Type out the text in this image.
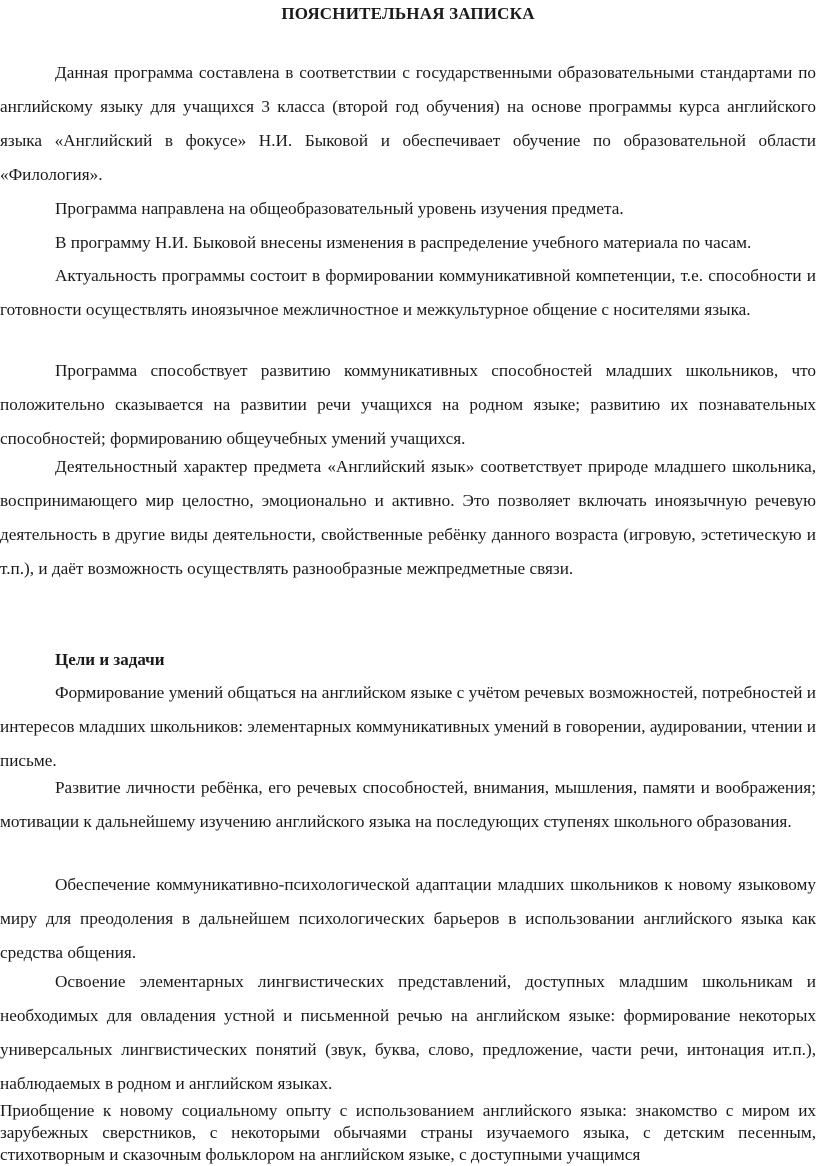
ПОЯСНИТЕЛЬНАЯ ЗАПИСКА

Данная программа составлена в соответствии с государственными образовательными стандартами по английскому языку для учащихся 3 класса (второй год обучения) на основе программы курса английского языка «Английский в фокусе» Н.И. Быковой и обеспечивает обучение по образовательной области «Филология».

Программа направлена на общеобразовательный уровень изучения предмета.

В программу Н.И. Быковой внесены изменения в распределение учебного материала по часам.

Актуальность программы состоит в формировании коммуникативной компетенции, т.е. способности и готовности осуществлять иноязычное межличностное и межкультурное общение с носителями языка.

Программа способствует развитию коммуникативных способностей младших школьников, что положительно сказывается на развитии речи учащихся на родном языке; развитию их познавательных способностей; формированию общеучебных умений учащихся.

Деятельностный характер предмета «Английский язык» соответствует природе младшего школьника, воспринимающего мир целостно, эмоционально и активно. Это позволяет включать иноязычную речевую деятельность в другие виды деятельности, свойственные ребёнку данного возраста (игровую, эстетическую и т.п.), и даёт возможность осуществлять разнообразные межпредметные связи.

Цели и задачи

Формирование умений общаться на английском языке с учётом речевых возможностей, потребностей и интересов младших школьников: элементарных коммуникативных умений в говорении, аудировании, чтении и письме.

Развитие личности ребёнка, его речевых способностей, внимания, мышления, памяти и воображения; мотивации к дальнейшему изучению английского языка на последующих ступенях школьного образования.

Обеспечение коммуникативно-психологической адаптации младших школьников к новому языковому миру для преодоления в дальнейшем психологических барьеров в использовании английского языка как средства общения.

Освоение элементарных лингвистических представлений, доступных младшим школьникам и необходимых для овладения устной и письменной речью на английском языке: формирование некоторых универсальных лингвистических понятий (звук, буква, слово, предложение, части речи, интонация ит.п.), наблюдаемых в родном и английском языках.

Приобщение к новому социальному опыту с использованием английского языка: знакомство с миром их зарубежных сверстников, с некоторыми обычаями страны изучаемого языка, с детским песенным, стихотворным и сказочным фольклором на английском языке, с доступными учащимся
